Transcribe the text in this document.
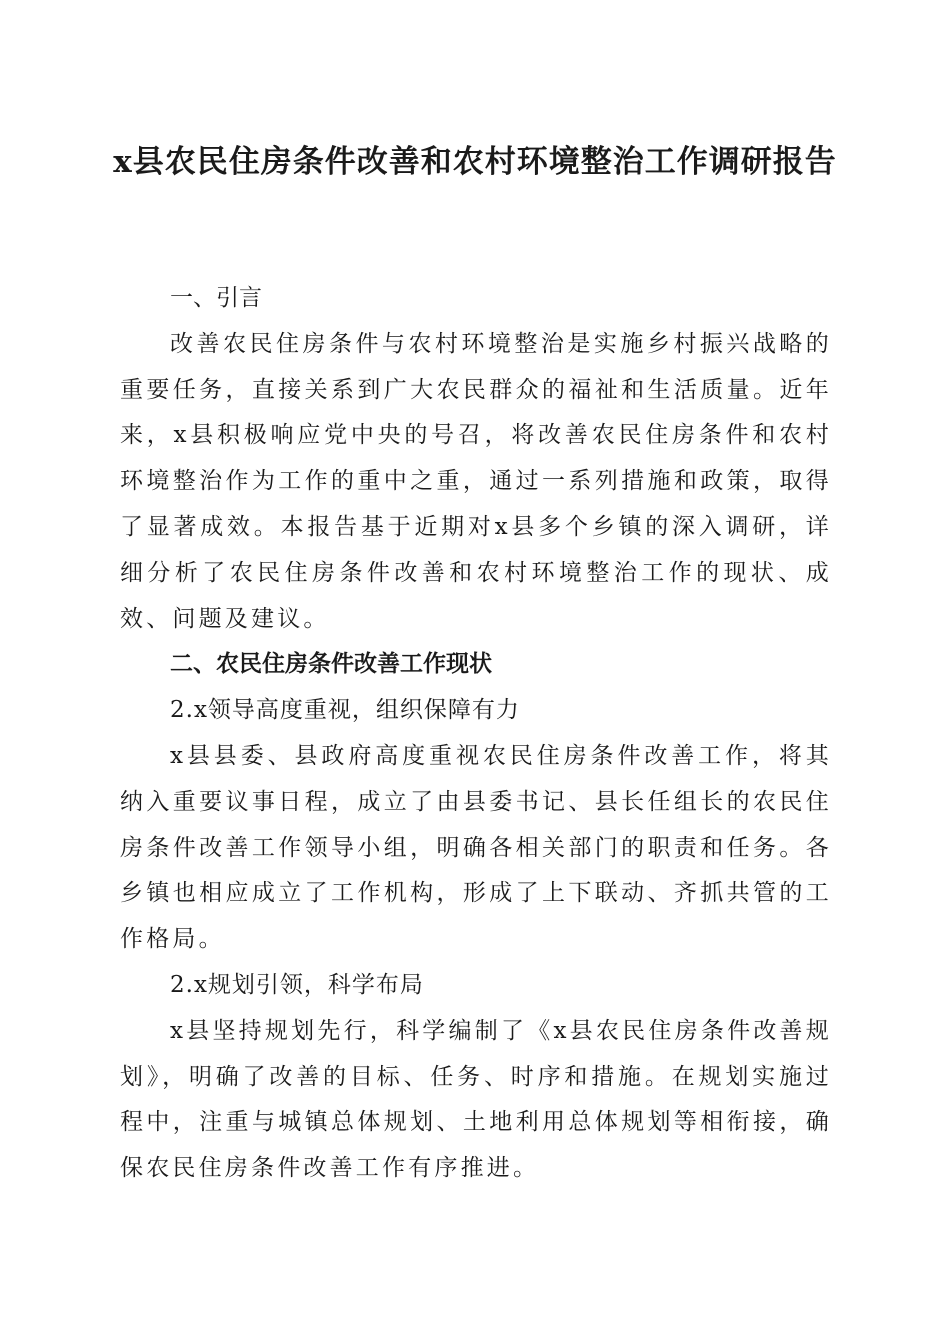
x县农民住房条件改善和农村环境整治工作调研报告

一、引言

改善农民住房条件与农村环境整治是实施乡村振兴战略的重要任务，直接关系到广大农民群众的福祉和生活质量。近年来，x县积极响应党中央的号召，将改善农民住房条件和农村环境整治作为工作的重中之重，通过一系列措施和政策，取得了显著成效。本报告基于近期对x县多个乡镇的深入调研，详细分析了农民住房条件改善和农村环境整治工作的现状、成效、问题及建议。

二、农民住房条件改善工作现状

2.x领导高度重视，组织保障有力

x县县委、县政府高度重视农民住房条件改善工作，将其纳入重要议事日程，成立了由县委书记、县长任组长的农民住房条件改善工作领导小组，明确各相关部门的职责和任务。各乡镇也相应成立了工作机构，形成了上下联动、齐抓共管的工作格局。

2.x规划引领，科学布局

x县坚持规划先行，科学编制了《x县农民住房条件改善规划》，明确了改善的目标、任务、时序和措施。在规划实施过程中，注重与城镇总体规划、土地利用总体规划等相衔接，确保农民住房条件改善工作有序推进。
